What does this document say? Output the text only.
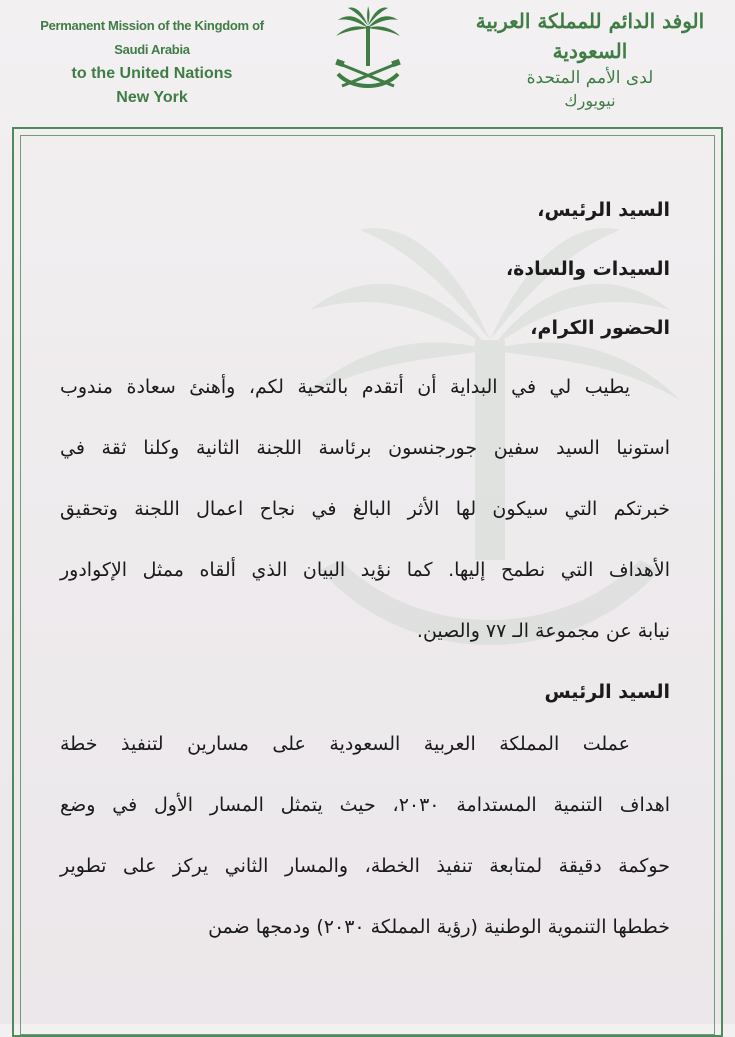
Permanent Mission of the Kingdom of Saudi Arabia
to the United Nations
New York
الوفد الدائم للمملكة العربية السعودية
لدى الأمم المتحدة
نيويورك
السيد الرئيس،
السيدات والسادة،
الحضور الكرام،
يطيب لي في البداية أن أتقدم بالتحية لكم، وأهنئ سعادة مندوب
استونيا السيد سفين جورجنسون برئاسة اللجنة الثانية وكلنا ثقة في
خبرتكم التي سيكون لها الأثر البالغ في نجاح اعمال اللجنة وتحقيق
الأهداف التي نطمح إليها. كما نؤيد البيان الذي ألقاه ممثل الإكوادور
نيابة عن مجموعة الـ ٧٧ والصين.
السيد الرئيس
عملت المملكة العربية السعودية على مسارين لتنفيذ خطة
اهداف التنمية المستدامة ٢٠٣٠، حيث يتمثل المسار الأول في وضع
حوكمة دقيقة لمتابعة تنفيذ الخطة، والمسار الثاني يركز على تطوير
خططها التنموية الوطنية (رؤية المملكة ٢٠٣٠) ودمجها ضمن
